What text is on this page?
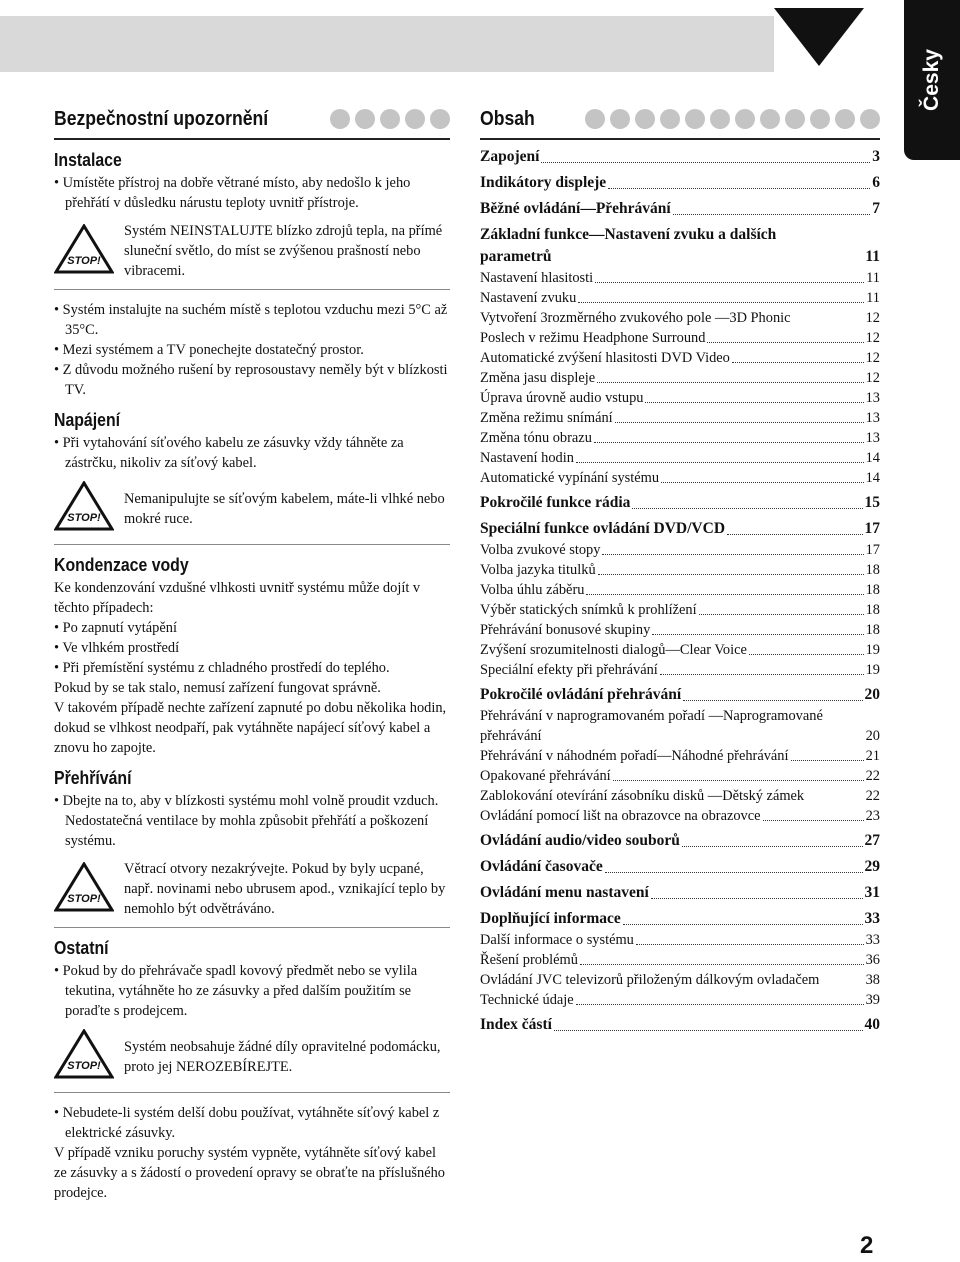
Česky
Bezpečnostní upozornění
Instalace

• Umístěte přístroj na dobře větrané místo, aby nedošlo k jeho přehřátí v důsledku nárustu teploty uvnitř přístroje.

STOP!

Systém NEINSTALUJTE blízko zdrojů tepla, na přímé sluneční světlo, do míst se zvýšenou prašností nebo vibracemi.

• Systém instalujte na suchém místě s teplotou vzduchu mezi 5°C až 35°C.

• Mezi systémem a TV ponechejte dostatečný prostor.

• Z důvodu možného rušení by reprosoustavy neměly být v blízkosti TV.

Napájení

• Při vytahování síťového kabelu ze zásuvky vždy táhněte za zástrčku, nikoliv za síťový kabel.

STOP!

Nemanipulujte se síťovým kabelem, máte-li vlhké nebo mokré ruce.

Kondenzace vody

Ke kondenzování vzdušné vlhkosti uvnitř systému může dojít v těchto případech:

• Po zapnutí vytápění

• Ve vlhkém prostředí

• Při přemístění systému z chladného prostředí do teplého.

Pokud by se tak stalo, nemusí zařízení fungovat správně.

V takovém případě nechte zařízení zapnuté po dobu několika hodin, dokud se vlhkost neodpaří, pak vytáhněte napájecí síťový kabel a znovu ho zapojte.

Přehřívání

• Dbejte na to, aby v blízkosti systému mohl volně proudit vzduch. Nedostatečná ventilace by mohla způsobit přehřátí a poškození systému.

STOP!

Větrací otvory nezakrývejte. Pokud by byly ucpané, např. novinami nebo ubrusem apod., vznikající teplo by nemohlo být odvětráváno.

Ostatní

• Pokud by do přehrávače spadl kovový předmět nebo se vylila tekutina, vytáhněte ho ze zásuvky a před dalším použitím se poraďte s prodejcem.

STOP!

Systém neobsahuje žádné díly opravitelné podomácku, proto jej NEROZEBÍREJTE.

• Nebudete-li systém delší dobu používat, vytáhněte síťový kabel z elektrické zásuvky.

V případě vzniku poruchy systém vypněte, vytáhněte síťový kabel ze zásuvky a s žádostí o provedení opravy se obraťte na příslušného prodejce.

Obsah
Zapojení	3
Indikátory displeje	6
Běžné ovládání—Přehrávání	7
Základní funkce—Nastavení zvuku a dalších parametrů	11
Nastavení hlasitosti	11
Nastavení zvuku	11
Vytvoření 3rozměrného zvukového pole —3D Phonic	12
Poslech v režimu Headphone Surround	12
Automatické zvýšení hlasitosti DVD Video	12
Změna jasu displeje	12
Úprava úrovně audio vstupu	13
Změna režimu snímání	13
Změna tónu obrazu	13
Nastavení hodin	14
Automatické vypínání systému	14
Pokročilé funkce rádia	15
Speciální funkce ovládání DVD/VCD	17
Volba zvukové stopy	17
Volba jazyka titulků	18
Volba úhlu záběru	18
Výběr statických snímků k prohlížení	18
Přehrávání bonusové skupiny	18
Zvýšení srozumitelnosti dialogů—Clear Voice	19
Speciální efekty při přehrávání	19
Pokročilé ovládání přehrávání	20
Přehrávání v naprogramovaném pořadí —Naprogramované přehrávání	20
Přehrávání v náhodném pořadí—Náhodné přehrávání	21
Opakované přehrávání	22
Zablokování otevírání zásobníku disků —Dětský zámek	22
Ovládání pomocí lišt na obrazovce na obrazovce	23
Ovládání audio/video souborů	27
Ovládání časovače	29
Ovládání menu nastavení	31
Doplňující informace	33
Další informace o systému	33
Řešení problémů	36
Ovládání JVC televizorů přiloženým dálkovým ovladačem	38
Technické údaje	39
Index částí	40
2
